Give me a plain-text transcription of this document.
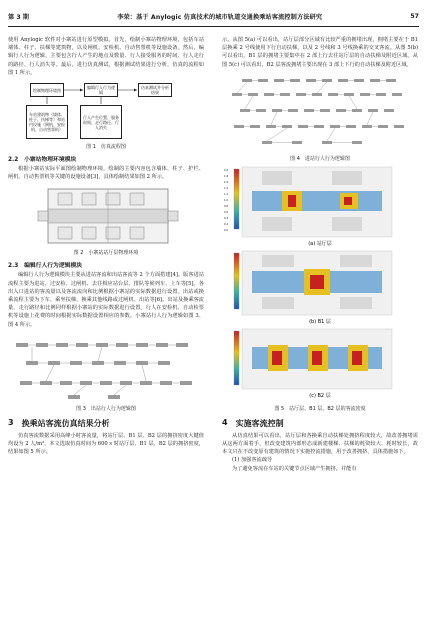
第 3 期	李荣：基于 Anylogic 仿真技术的城市轨道交通换乘站客流控制方法研究	57

使用 Anylogic 软件对小寨站进行原型模拟。首先，绘制小寨站物理环境，包括车站墙体、柱子、扶梯等建筑物，以及闸机、安检机、自动售票机等设施设备。然后，编辑行人行为逻辑，主要包含行人产生的地点及数量、行人接受服务的时间、行人走行的路径、行人消失等。最后，进行仿真测试，根据测试结果进行分析。仿真的流程如图 1 所示。

绘制物理环境图	编辑行人行为逻辑
仿真测试并分析结果
车站建筑物（墙体、柱子、扶梯等）和站内设施（闸机、安检机、自动售票机）
行人产生位置、服务时间、走行路径、行人消失
图 1　仿真流程图
2.2　小寨站物理环境模块

根据小寨站实际平面图绘制物理环境，绘制的主要内容包含墙体、柱子、护栏、闸机、自动售票机等关键的设施设备[3]，具体绘制结果如图 2 所示。

图 2　小寨站站厅层物理环境
2.3　编辑行人行为逻辑模块

编辑行人行为逻辑模块主要从进站客流和出站客流等 2 个方面搭建[4]。版客进站流程主要为进站、过安检、过闸机、去往相应站台层、排队等候列车、上车等[5]。各出入口进站的客流量以及客流流向和比例根据小寨站的实际数据进行设置。出站或换乘流程主要为下车、乘坐扶梯、换乘其他线路或过闸机、出站等[6]。出站及换乘客流量、走行路径和比例同样根据小寨站的实际数据进行设置。行人在安检机、自动检票机等设施上花费的时间根据实际数据设置相应的参数。小寨站行人行为逻辑如图 3、图 4 所示。

图 3　出站行人行为逻辑图
3 换乘站客流仿真结果分析

仿真客流数据采用高峰小时客流量，将站厅层、B1 层、B2 层的拥挤密度大键值均设为 2 人/m²，本文选取仿真时间为 600 s 时站厅层、B1 层、B2 层的拥挤密度，结果如图 5 所示。

示。从图 5(a) 可以看出，站厅层部分区域有比较严重的拥堵出现，拥堵主要在于 B1 层换乘 2 号线使用下行自动扶梯，以及 2 号线和 3 号线换乘的交叉客流。从图 5(b) 可以看出，B1 层的拥堵主要集中在 2 部上行去往站厅层的自动扶梯及附近区域。从图 5(c) 可以看出，B2 层客流拥堵主要出现在 3 部上下行的自动扶梯及附近区域。

图 4　进站行人行为逻辑图
2.0
1.8
1.6
1.4
1.2
1.0
0.8
0.6
0.4
0.2
0.0
(a) 站厅层
(b) B1 层
(c) B2 层
图 5　站厅层、B1 层、B2 层的客流密度
4 实施客流控制

从仿真结果可以看出，站厅层和各换乘自动扶梯处拥挤程度较大，故改善拥堵需从这两方面着手。但改变建筑内部形态成新建楼梯、扶梯的耗资较大、耗时较长，故本文只在不改变原有建筑的情况下实施控流措施，用于改善拥挤，具体措施如下。

(1) 加强客流疏导

为了避免客流在车站的关键节点区域产生拥挤，并能有
